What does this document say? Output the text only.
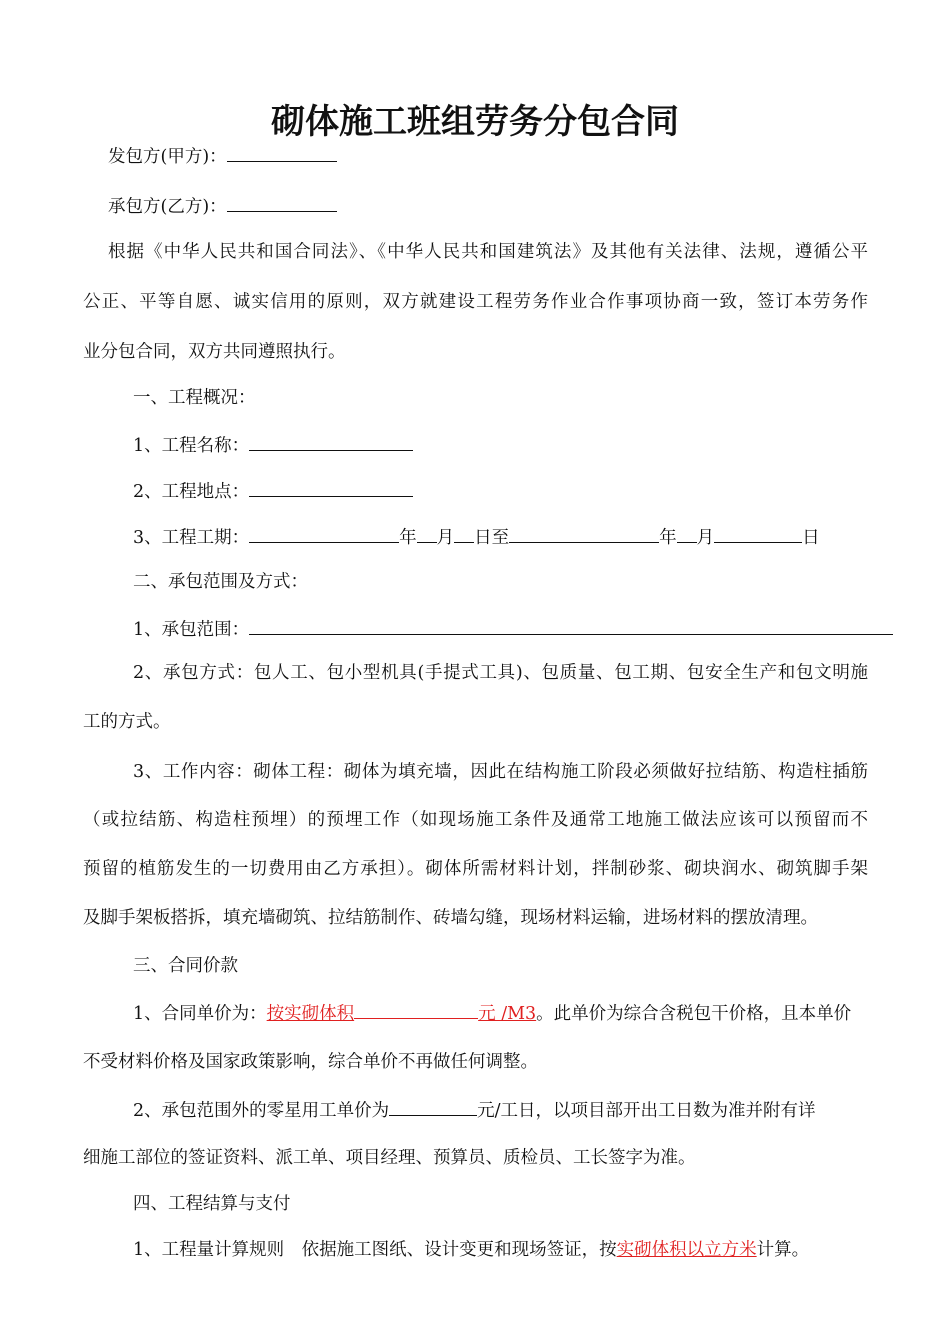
砌体施工班组劳务分包合同
发包方(甲方)：
承包方(乙方)：
根据《中华人民共和国合同法》、《中华人民共和国建筑法》及其他有关法律、法规，遵循公平
公正、平等自愿、诚实信用的原则，双方就建设工程劳务作业合作事项协商一致，签订本劳务作
业分包合同，双方共同遵照执行。
一、工程概况：
1、工程名称：
2、工程地点：
3、工程工期：	年 月 日至	年 月	日
二、承包范围及方式：
1、承包范围：
2、承包方式：包人工、包小型机具(手提式工具)、包质量、包工期、包安全生产和包文明施
工的方式。
3、工作内容：砌体工程：砌体为填充墙，因此在结构施工阶段必须做好拉结筋、构造柱插筋
（或拉结筋、构造柱预埋）的预埋工作（如现场施工条件及通常工地施工做法应该可以预留而不
预留的植筋发生的一切费用由乙方承担）。砌体所需材料计划，拌制砂浆、砌块润水、砌筑脚手架
及脚手架板搭拆，填充墙砌筑、拉结筋制作、砖墙勾缝，现场材料运输，进场材料的摆放清理。
三、合同价款
1、合同单价为：按实砌体积	元 /M3。此单价为综合含税包干价格，且本单价
不受材料价格及国家政策影响，综合单价不再做任何调整。
2、承包范围外的零星用工单价为	元/工日，以项目部开出工日数为准并附有详
细施工部位的签证资料、派工单、项目经理、预算员、质检员、工长签字为准。
四、工程结算与支付
1、工程量计算规则　依据施工图纸、设计变更和现场签证，按实砌体积以立方米计算。
